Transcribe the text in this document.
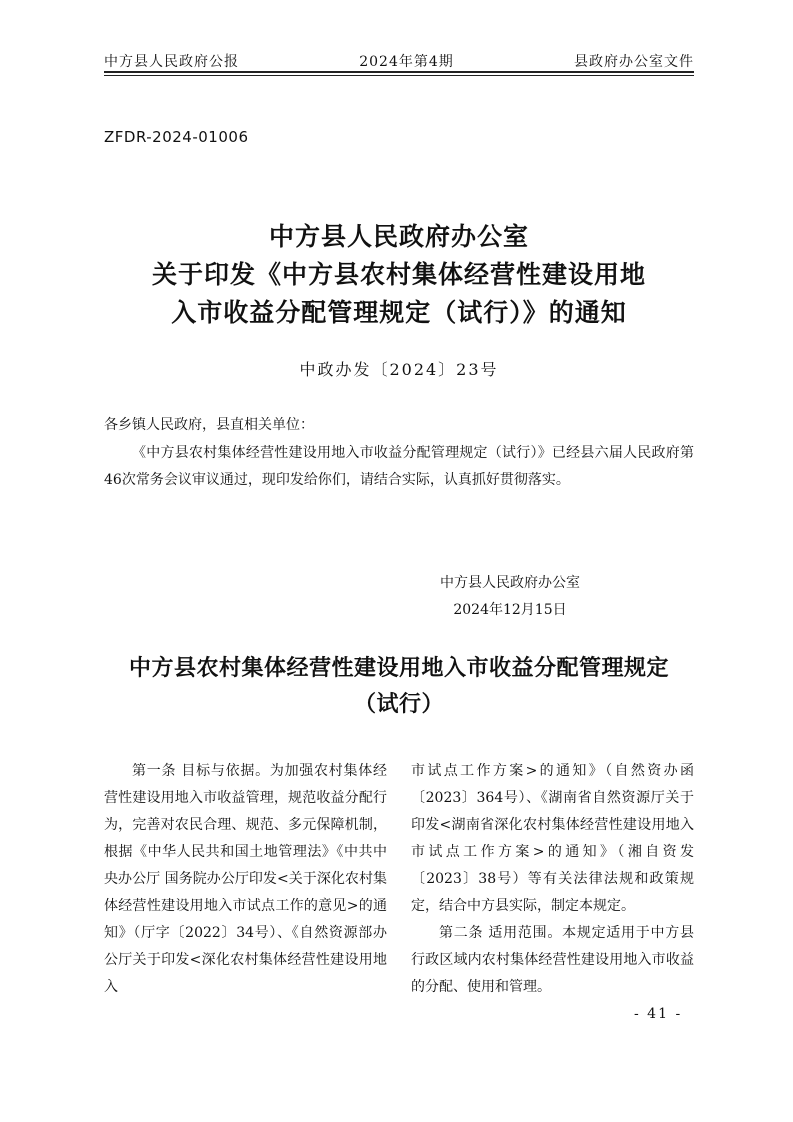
中方县人民政府公报	2024年第4期	县政府办公室文件
ZFDR-2024-01006
中方县人民政府办公室
关于印发《中方县农村集体经营性建设用地
入市收益分配管理规定（试行）》的通知
中政办发〔2024〕23号
各乡镇人民政府，县直相关单位：
《中方县农村集体经营性建设用地入市收益分配管理规定（试行）》已经县六届人民政府第46次常务会议审议通过，现印发给你们，请结合实际，认真抓好贯彻落实。
中方县人民政府办公室
2024年12月15日
中方县农村集体经营性建设用地入市收益分配管理规定
（试行）

第一条 目标与依据。为加强农村集体经营性建设用地入市收益管理，规范收益分配行为，完善对农民合理、规范、多元保障机制，根据《中华人民共和国土地管理法》《中共中央办公厅 国务院办公厅印发<关于深化农村集体经营性建设用地入市试点工作的意见>的通知》（厅字〔2022〕34号）、《自然资源部办公厅关于印发<深化农村集体经营性建设用地入

市试点工作方案>的通知》（自然资办函〔2023〕364号）、《湖南省自然资源厅关于印发<湖南省深化农村集体经营性建设用地入市试点工作方案>的通知》（湘自资发〔2023〕38号）等有关法律法规和政策规定，结合中方县实际，制定本规定。

第二条 适用范围。本规定适用于中方县行政区域内农村集体经营性建设用地入市收益的分配、使用和管理。

- 41 -
